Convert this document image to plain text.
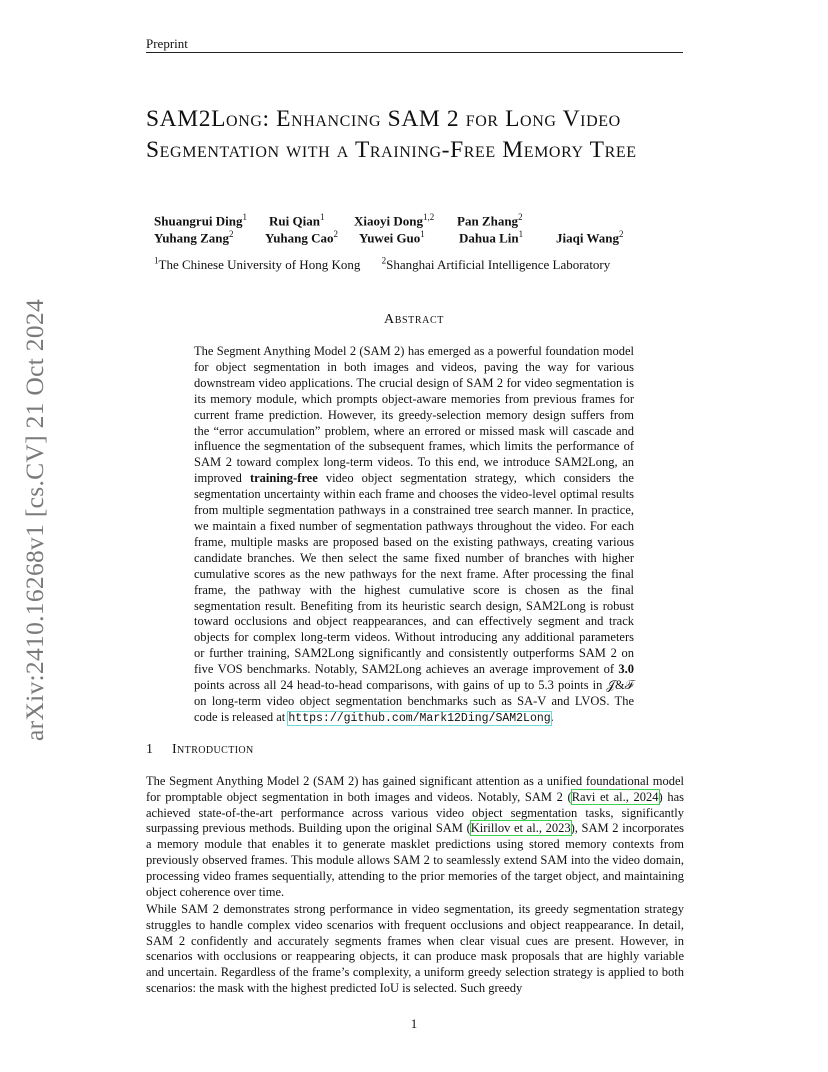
Preprint
SAM2Long: Enhancing SAM 2 for Long Video Segmentation with a Training-Free Memory Tree
Shuangrui Ding$^1$ Rui Qian$^1$ Xiaoyi Dong$^{1,2}$ Pan Zhang$^2$
Yuhang Zang$^2$ Yuhang Cao$^2$ Yuwei Guo$^1$	Dahua Lin$^1$	Jiaqi Wang$^2$
$^1$The Chinese University of Hong Kong $^2$Shanghai Artificial Intelligence Laboratory
arXiv:2410.16268v1 [cs.CV] 21 Oct 2024	Abstract
The Segment Anything Model 2 (SAM 2) has emerged as a powerful foundation model for object segmentation in both images and videos, paving the way for various downstream video applications. The crucial design of SAM 2 for video segmentation is its memory module, which prompts object-aware memories from previous frames for current frame prediction. However, its greedy-selection memory design suffers from the “error accumulation” problem, where an errored or missed mask will cascade and influence the segmentation of the subsequent frames, which limits the performance of SAM 2 toward complex long-term videos. To this end, we introduce SAM2Long, an improved training-free video object segmentation strategy, which considers the segmentation uncertainty within each frame and chooses the video-level optimal results from multiple segmentation pathways in a constrained tree search manner. In practice, we maintain a fixed number of segmentation pathways throughout the video. For each frame, multiple masks are proposed based on the existing pathways, creating various candidate branches. We then select the same fixed number of branches with higher cumulative scores as the new pathways for the next frame. After processing the final frame, the pathway with the highest cumulative score is chosen as the final segmentation result. Benefiting from its heuristic search design, SAM2Long is robust toward occlusions and object reappearances, and can effectively segment and track objects for complex long-term videos. Without introducing any additional parameters or further training, SAM2Long significantly and consistently outperforms SAM 2 on five VOS benchmarks. Notably, SAM2Long achieves an average improvement of 3.0 points across all 24 head-to-head comparisons, with gains of up to 5.3 points in 𝒥&ℱ on long-term video object segmentation benchmarks such as SA-V and LVOS. The code is released at https://github.com/Mark12Ding/SAM2Long.
1 Introduction
The Segment Anything Model 2 (SAM 2) has gained significant attention as a unified foundational model for promptable object segmentation in both images and videos. Notably, SAM 2 (Ravi et al., 2024) has achieved state-of-the-art performance across various video object segmentation tasks, significantly surpassing previous methods. Building upon the original SAM (Kirillov et al., 2023), SAM 2 incorporates a memory module that enables it to generate masklet predictions using stored memory contexts from previously observed frames. This module allows SAM 2 to seamlessly extend SAM into the video domain, processing video frames sequentially, attending to the prior memories of the target object, and maintaining object coherence over time.
While SAM 2 demonstrates strong performance in video segmentation, its greedy segmentation strategy struggles to handle complex video scenarios with frequent occlusions and object reappearance. In detail, SAM 2 confidently and accurately segments frames when clear visual cues are present. However, in scenarios with occlusions or reappearing objects, it can produce mask proposals that are highly variable and uncertain. Regardless of the frame’s complexity, a uniform greedy selection strategy is applied to both scenarios: the mask with the highest predicted IoU is selected. Such greedy
1
